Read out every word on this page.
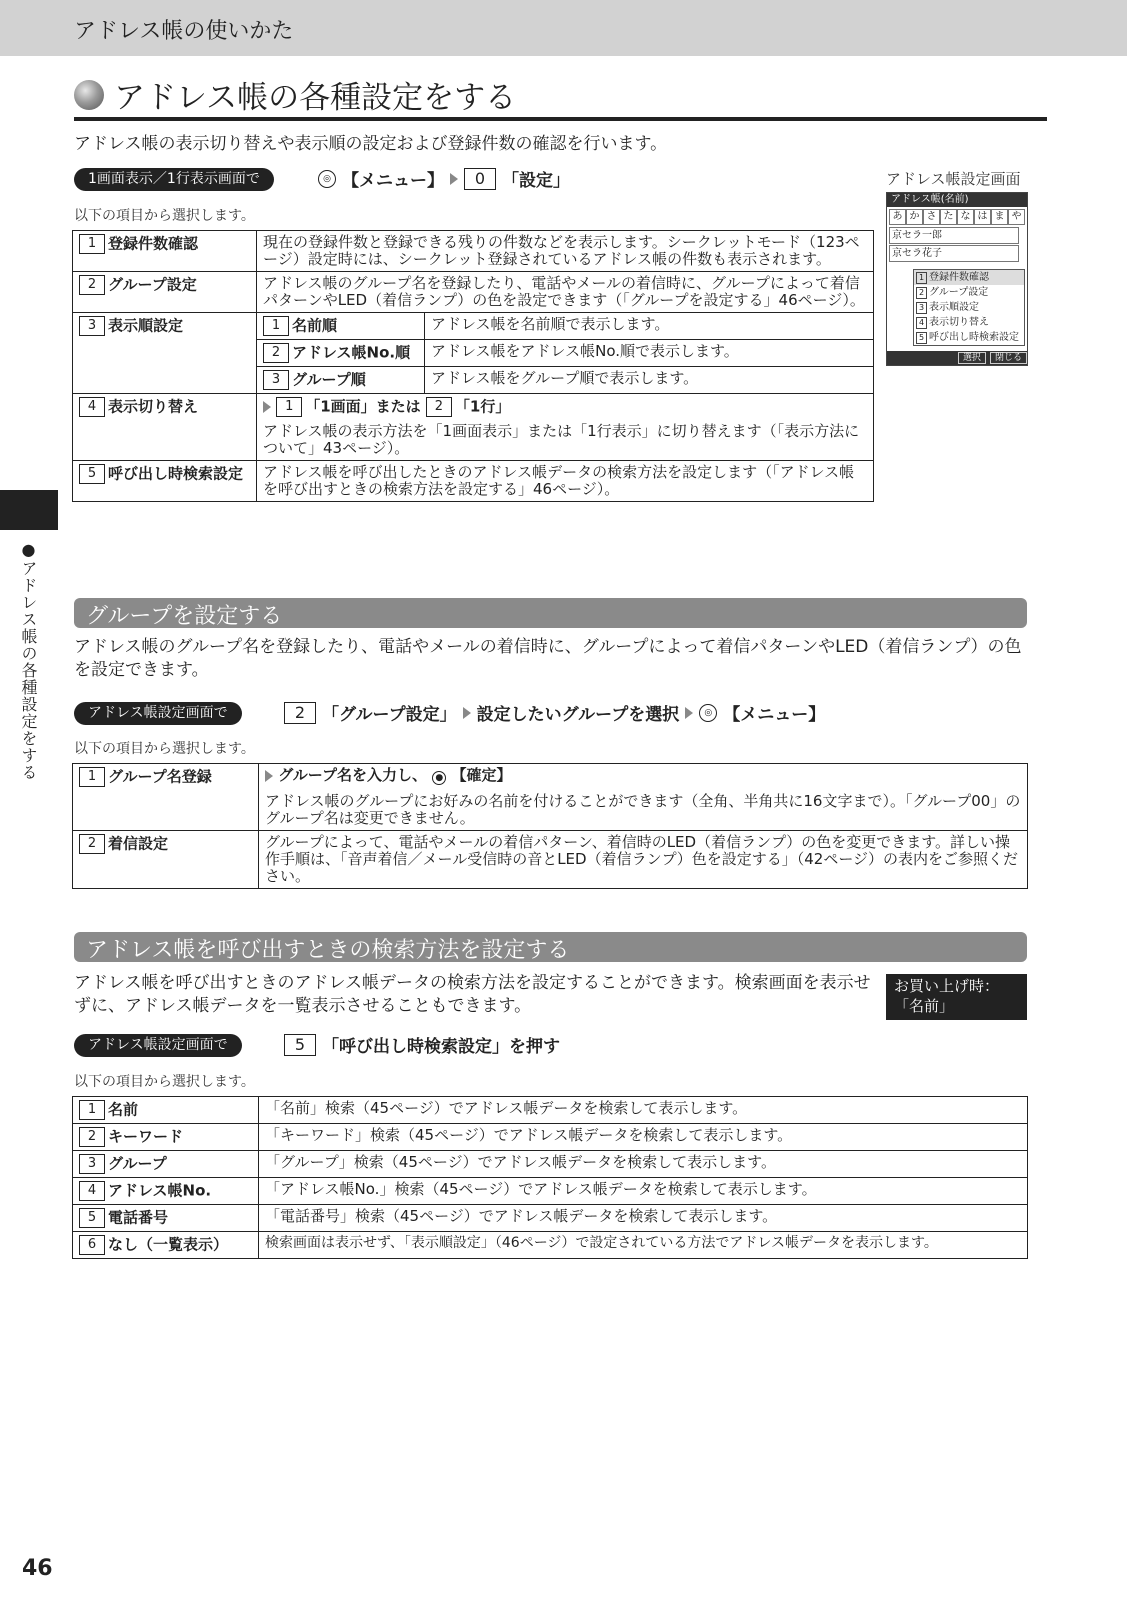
アドレス帳の使いかた
アドレス帳の各種設定をする
アドレス帳の表示切り替えや表示順の設定および登録件数の確認を行います。
1画面表示／1行表示画面で	◎ 【メニュー】	0 「設定」	アドレス帳設定画面
以下の項目から選択します。
アドレス帳(名前)
あ か さ た な は ま や
京セラ一郎
京セラ花子
1 登録件数確認
2 グループ設定
3 表示順設定
4 表示切り替え
5 呼び出し時検索設定
選択	閉じる
1 登録件数確認	現在の登録件数と登録できる残りの件数などを表示します。シークレットモード（123ページ）設定時には、シークレット登録されているアドレス帳の件数も表示されます。	
2 グループ設定	アドレス帳のグループ名を登録したり、電話やメールの着信時に、グループによって着信パターンやLED（着信ランプ）の色を設定できます（「グループを設定する」46ページ）。	
3 表示順設定	1 名前順	アドレス帳を名前順で表示します。
	2 アドレス帳No.順	アドレス帳をアドレス帳No.順で表示します。
	3 グループ順	アドレス帳をグループ順で表示します。
4 表示切り替え	1 「1画面」または 2 「1行」
アドレス帳の表示方法を「1画面表示」または「1行表示」に切り替えます（「表示方法について」43ページ）。	

5 呼び出し時検索設定	アドレス帳を呼び出したときのアドレス帳データの検索方法を設定します（「アドレス帳を呼び出すときの検索方法を設定する」46ページ）。	
グループを設定する
アドレス帳のグループ名を登録したり、電話やメールの着信時に、グループによって着信パターンやLED（着信ランプ）の色を設定できます。
アドレス帳設定画面で	2 「グループ設定」 設定したいグループを選択	◎ 【メニュー】
以下の項目から選択します。
1 グループ名登録	グループ名を入力し、 ● 【確定】
アドレス帳のグループにお好みの名前を付けることができます（全角、半角共に16文字まで）。「グループ00」のグループ名は変更できません。

2 着信設定	グループによって、電話やメールの着信パターン、着信時のLED（着信ランプ）の色を変更できます。詳しい操作手順は、「音声着信／メール受信時の音とLED（着信ランプ）色を設定する」（42ページ）の表内をご参照ください。
アドレス帳を呼び出すときの検索方法を設定する
アドレス帳を呼び出すときのアドレス帳データの検索方法を設定することができます。検索画面を表示せずに、アドレス帳データを一覧表示させることもできます。
お買い上げ時：
「名前」
アドレス帳設定画面で	5 「呼び出し時検索設定」を押す
以下の項目から選択します。
1 名前	「名前」検索（45ページ）でアドレス帳データを検索して表示します。
2 キーワード	「キーワード」検索（45ページ）でアドレス帳データを検索して表示します。
3 グループ	「グループ」検索（45ページ）でアドレス帳データを検索して表示します。
4 アドレス帳No.	「アドレス帳No.」検索（45ページ）でアドレス帳データを検索して表示します。
5 電話番号	「電話番号」検索（45ページ）でアドレス帳データを検索して表示します。
6 なし（一覧表示）	検索画面は表示せず、「表示順設定」（46ページ）で設定されている方法でアドレス帳データを表示します。
●アドレス帳の各種設定をする
46
